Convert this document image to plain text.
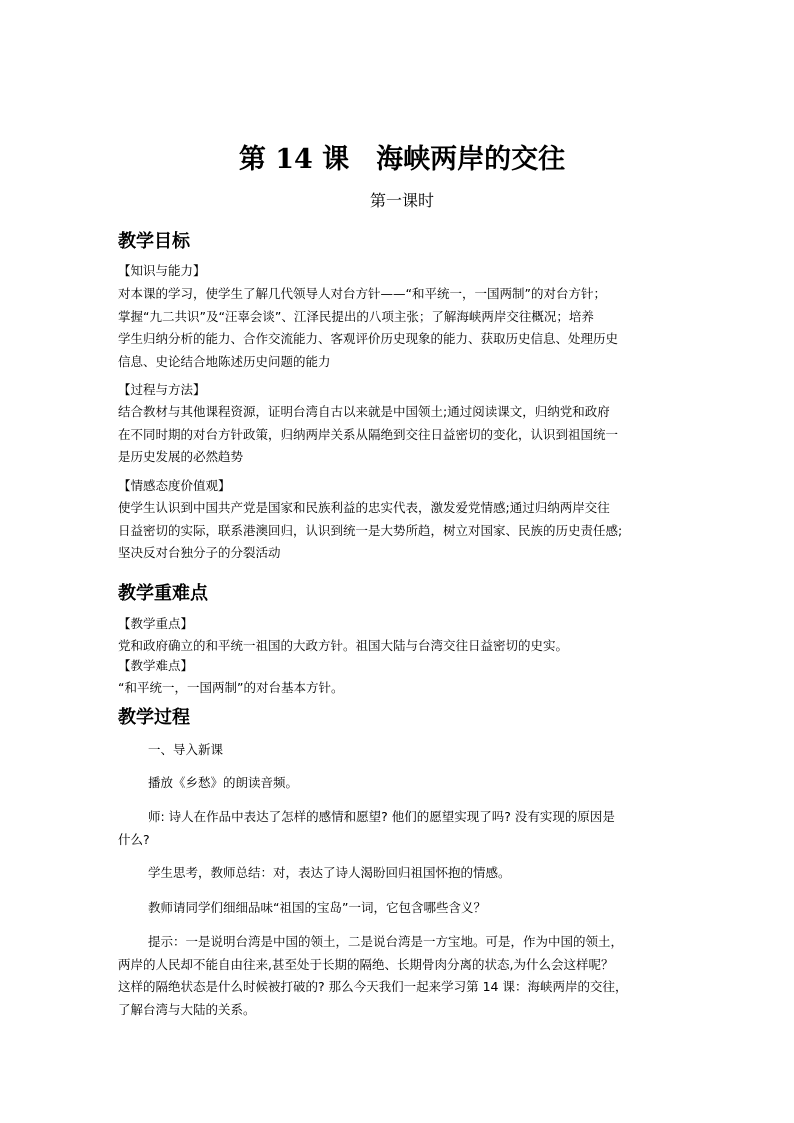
第 14 课　海峡两岸的交往
第一课时
教学目标
【知识与能力】
对本课的学习，使学生了解几代领导人对台方针——“和平统一，一国两制”的对台方针；
掌握“九二共识”及“汪辜会谈”、江泽民提出的八项主张；了解海峡两岸交往概况；培养
学生归纳分析的能力、合作交流能力、客观评价历史现象的能力、获取历史信息、处理历史
信息、史论结合地陈述历史问题的能力
【过程与方法】
结合教材与其他课程资源，证明台湾自古以来就是中国领土;通过阅读课文，归纳党和政府
在不同时期的对台方针政策，归纳两岸关系从隔绝到交往日益密切的变化，认识到祖国统一
是历史发展的必然趋势
【情感态度价值观】
使学生认识到中国共产党是国家和民族利益的忠实代表，激发爱党情感;通过归纳两岸交往
日益密切的实际，联系港澳回归，认识到统一是大势所趋，树立对国家、民族的历史责任感;
坚决反对台独分子的分裂活动
教学重难点
【教学重点】
党和政府确立的和平统一祖国的大政方针。祖国大陆与台湾交往日益密切的史实。
【教学难点】
“和平统一，一国两制”的对台基本方针。
教学过程
一、导入新课
播放《乡愁》的朗读音频。
师: 诗人在作品中表达了怎样的感情和愿望? 他们的愿望实现了吗? 没有实现的原因是
什么?
学生思考，教师总结：对，表达了诗人渴盼回归祖国怀抱的情感。
教师请同学们细细品味“祖国的宝岛”一词，它包含哪些含义？
提示：一是说明台湾是中国的领土，二是说台湾是一方宝地。可是，作为中国的领土，
两岸的人民却不能自由往来,甚至处于长期的隔绝、长期骨肉分离的状态,为什么会这样呢？
这样的隔绝状态是什么时候被打破的? 那么今天我们一起来学习第 14 课：海峡两岸的交往，
了解台湾与大陆的关系。
